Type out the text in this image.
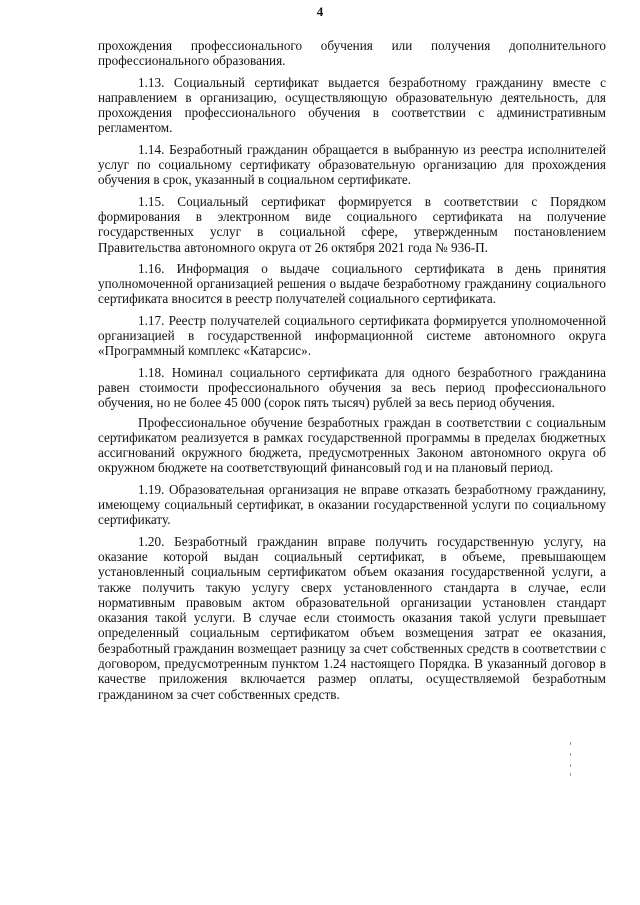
4

прохождения профессионального обучения или получения дополнительного профессионального образования.

1.13. Социальный сертификат выдается безработному гражданину вместе с направлением в организацию, осуществляющую образовательную деятельность, для прохождения профессионального обучения в соответствии с административным регламентом.

1.14. Безработный гражданин обращается в выбранную из реестра исполнителей услуг по социальному сертификату образовательную организацию для прохождения обучения в срок, указанный в социальном сертификате.

1.15. Социальный сертификат формируется в соответствии с Порядком формирования в электронном виде социального сертификата на получение государственных услуг в социальной сфере, утвержденным постановлением Правительства автономного округа от 26 октября 2021 года № 936-П.

1.16. Информация о выдаче социального сертификата в день принятия уполномоченной организацией решения о выдаче безработному гражданину социального сертификата вносится в реестр получателей социального сертификата.

1.17. Реестр получателей социального сертификата формируется уполномоченной организацией в государственной информационной системе автономного округа «Программный комплекс «Катарсис».

1.18. Номинал социального сертификата для одного безработного гражданина равен стоимости профессионального обучения за весь период профессионального обучения, но не более 45 000 (сорок пять тысяч) рублей за весь период обучения.

Профессиональное обучение безработных граждан в соответствии с социальным сертификатом реализуется в рамках государственной программы в пределах бюджетных ассигнований окружного бюджета, предусмотренных Законом автономного округа об окружном бюджете на соответствующий финансовый год и на плановый период.

1.19. Образовательная организация не вправе отказать безработному гражданину, имеющему социальный сертификат, в оказании государственной услуги по социальному сертификату.

1.20. Безработный гражданин вправе получить государственную услугу, на оказание которой выдан социальный сертификат, в объеме, превышающем установленный социальным сертификатом объем оказания государственной услуги, а также получить такую услугу сверх установленного стандарта в случае, если нормативным правовым актом образовательной организации установлен стандарт оказания такой услуги. В случае если стоимость оказания такой услуги превышает определенный социальным сертификатом объем возмещения затрат ее оказания, безработный гражданин возмещает разницу за счет собственных средств в соответствии с договором, предусмотренным пунктом 1.24 настоящего Порядка. В указанный договор в качестве приложения включается размер оплаты, осуществляемой безработным гражданином за счет собственных средств.
